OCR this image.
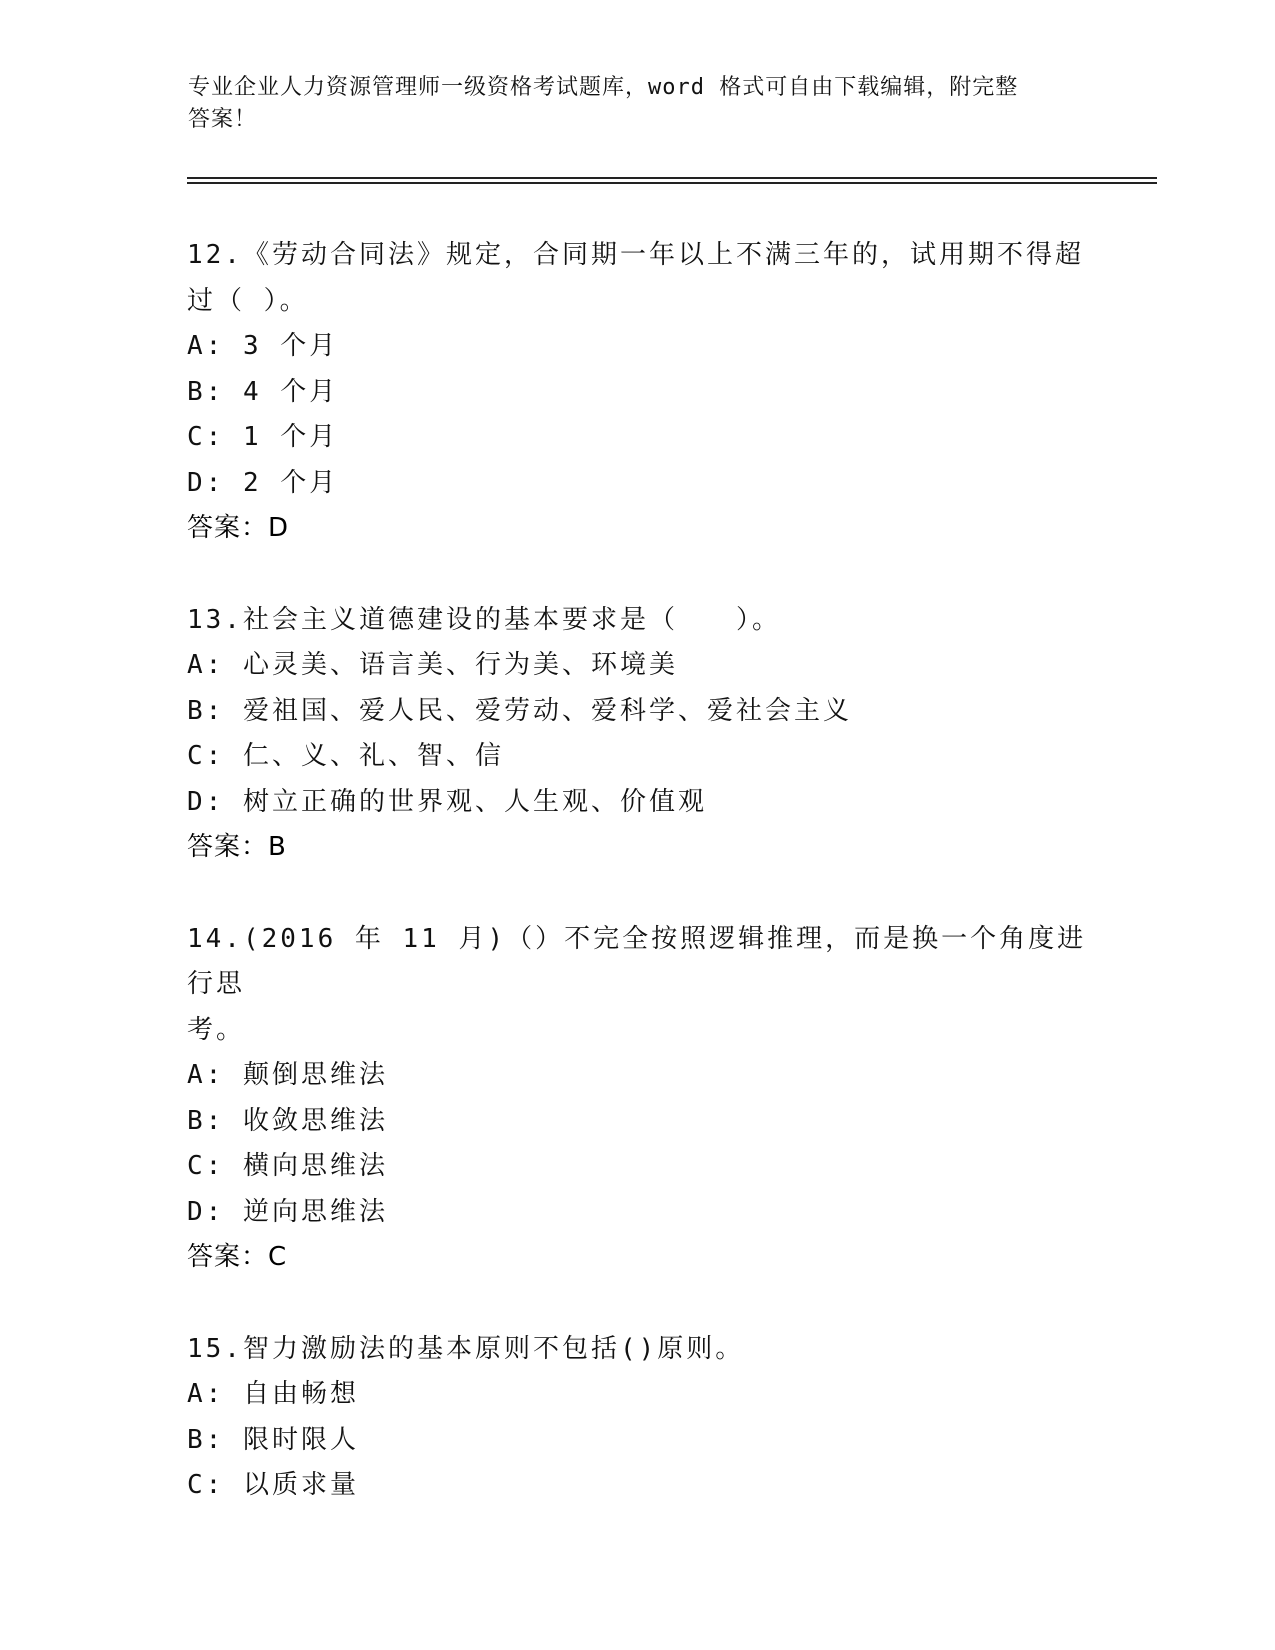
专业企业人力资源管理师一级资格考试题库，word 格式可自由下载编辑，附完整
答案！
12.《劳动合同法》规定，合同期一年以上不满三年的，试用期不得超
过（ ）。
A: 3 个月
B: 4 个月
C: 1 个月
D: 2 个月
答案：D
13.社会主义道德建设的基本要求是（　　）。
A: 心灵美、语言美、行为美、环境美
B: 爱祖国、爱人民、爱劳动、爱科学、爱社会主义
C: 仁、义、礼、智、信
D: 树立正确的世界观、人生观、价值观
答案：B
14.(2016 年 11 月)（）不完全按照逻辑推理，而是换一个角度进行思
考。
A: 颠倒思维法
B: 收敛思维法
C: 横向思维法
D: 逆向思维法
答案：C
15.智力激励法的基本原则不包括()原则。
A: 自由畅想
B: 限时限人
C: 以质求量
